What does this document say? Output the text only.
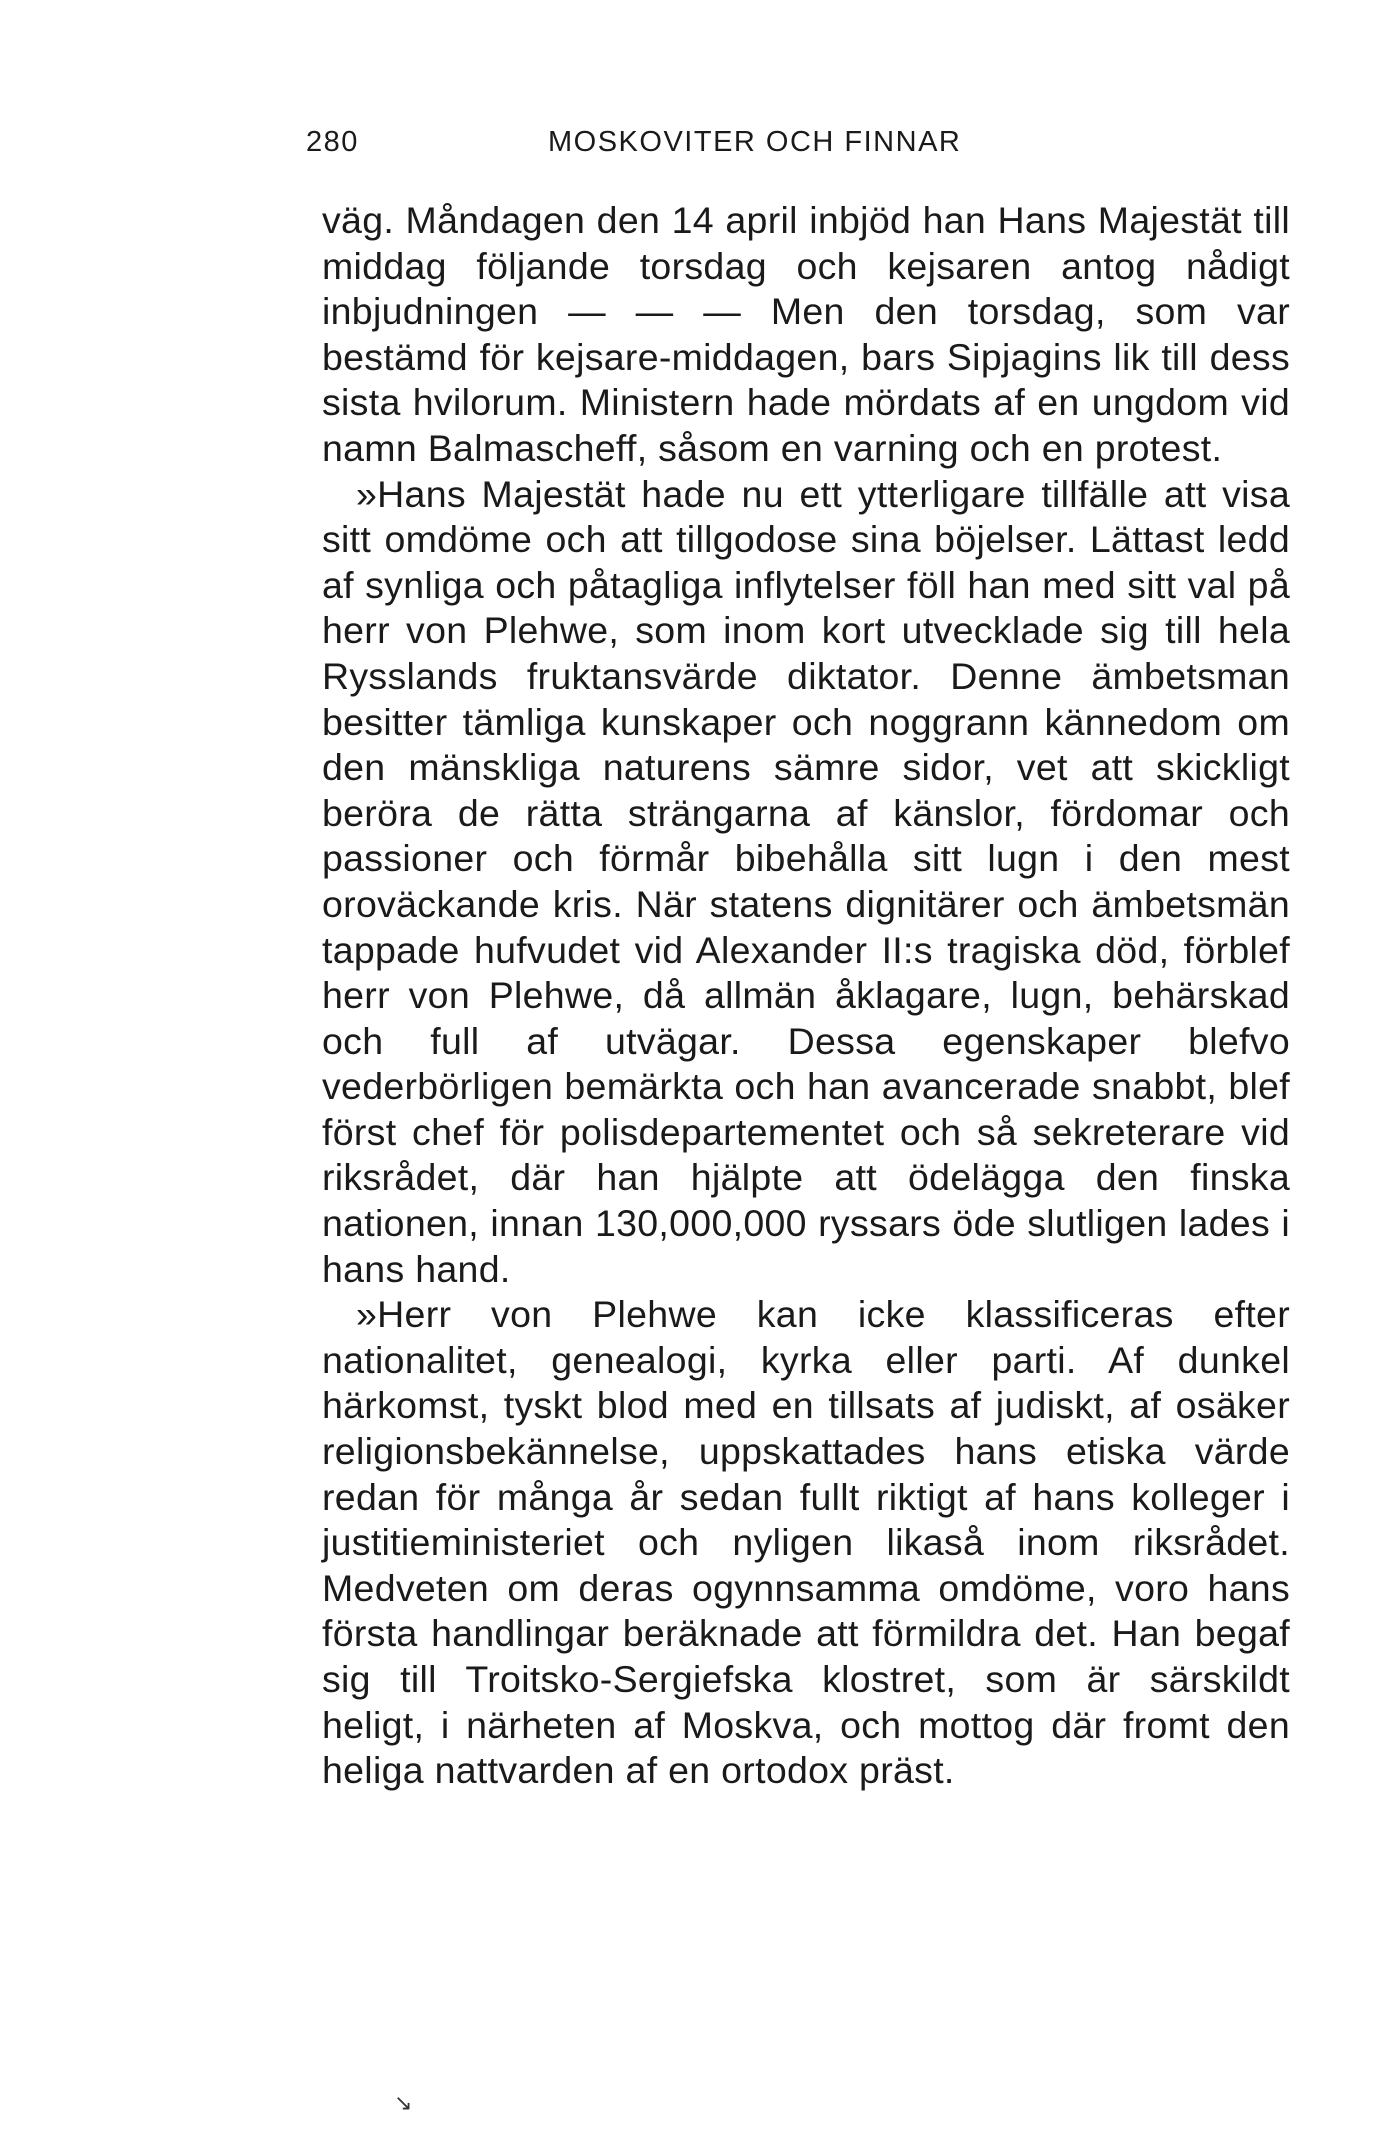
280	MOSKOVITER OCH FINNAR

väg. Måndagen den 14 april inbjöd han Hans Majestät till middag följande torsdag och kejsaren antog nådigt inbjudningen — — — Men den torsdag, som var bestämd för kejsare-middagen, bars Sipjagins lik till dess sista hvilorum. Ministern hade mördats af en ungdom vid namn Balmascheff, såsom en varning och en protest.

»Hans Majestät hade nu ett ytterligare tillfälle att visa sitt omdöme och att tillgodose sina böjelser. Lättast ledd af synliga och påtagliga inflytelser föll han med sitt val på herr von Plehwe, som inom kort utvecklade sig till hela Rysslands fruktansvärde diktator. Denne ämbetsman besitter tämliga kunskaper och noggrann kännedom om den mänskliga naturens sämre sidor, vet att skickligt beröra de rätta strängarna af känslor, fördomar och passioner och förmår bibehålla sitt lugn i den mest oroväckande kris. När statens dignitärer och ämbetsmän tappade hufvudet vid Alexander II:s tragiska död, förblef herr von Plehwe, då allmän åklagare, lugn, behärskad och full af utvägar. Dessa egenskaper blefvo vederbörligen bemärkta och han avancerade snabbt, blef först chef för polisdepartementet och så sekreterare vid riksrådet, där han hjälpte att ödelägga den finska nationen, innan 130,000,000 ryssars öde slutligen lades i hans hand.

»Herr von Plehwe kan icke klassificeras efter nationalitet, genealogi, kyrka eller parti. Af dunkel härkomst, tyskt blod med en tillsats af judiskt, af osäker religionsbekännelse, uppskattades hans etiska värde redan för många år sedan fullt riktigt af hans kolleger i justitieministeriet och nyligen likaså inom riksrådet. Medveten om deras ogynnsamma omdöme, voro hans första handlingar beräknade att förmildra det. Han begaf sig till Troitsko-Sergiefska klostret, som är särskildt heligt, i närheten af Moskva, och mottog där fromt den heliga nattvarden af en ortodox präst.

↘
